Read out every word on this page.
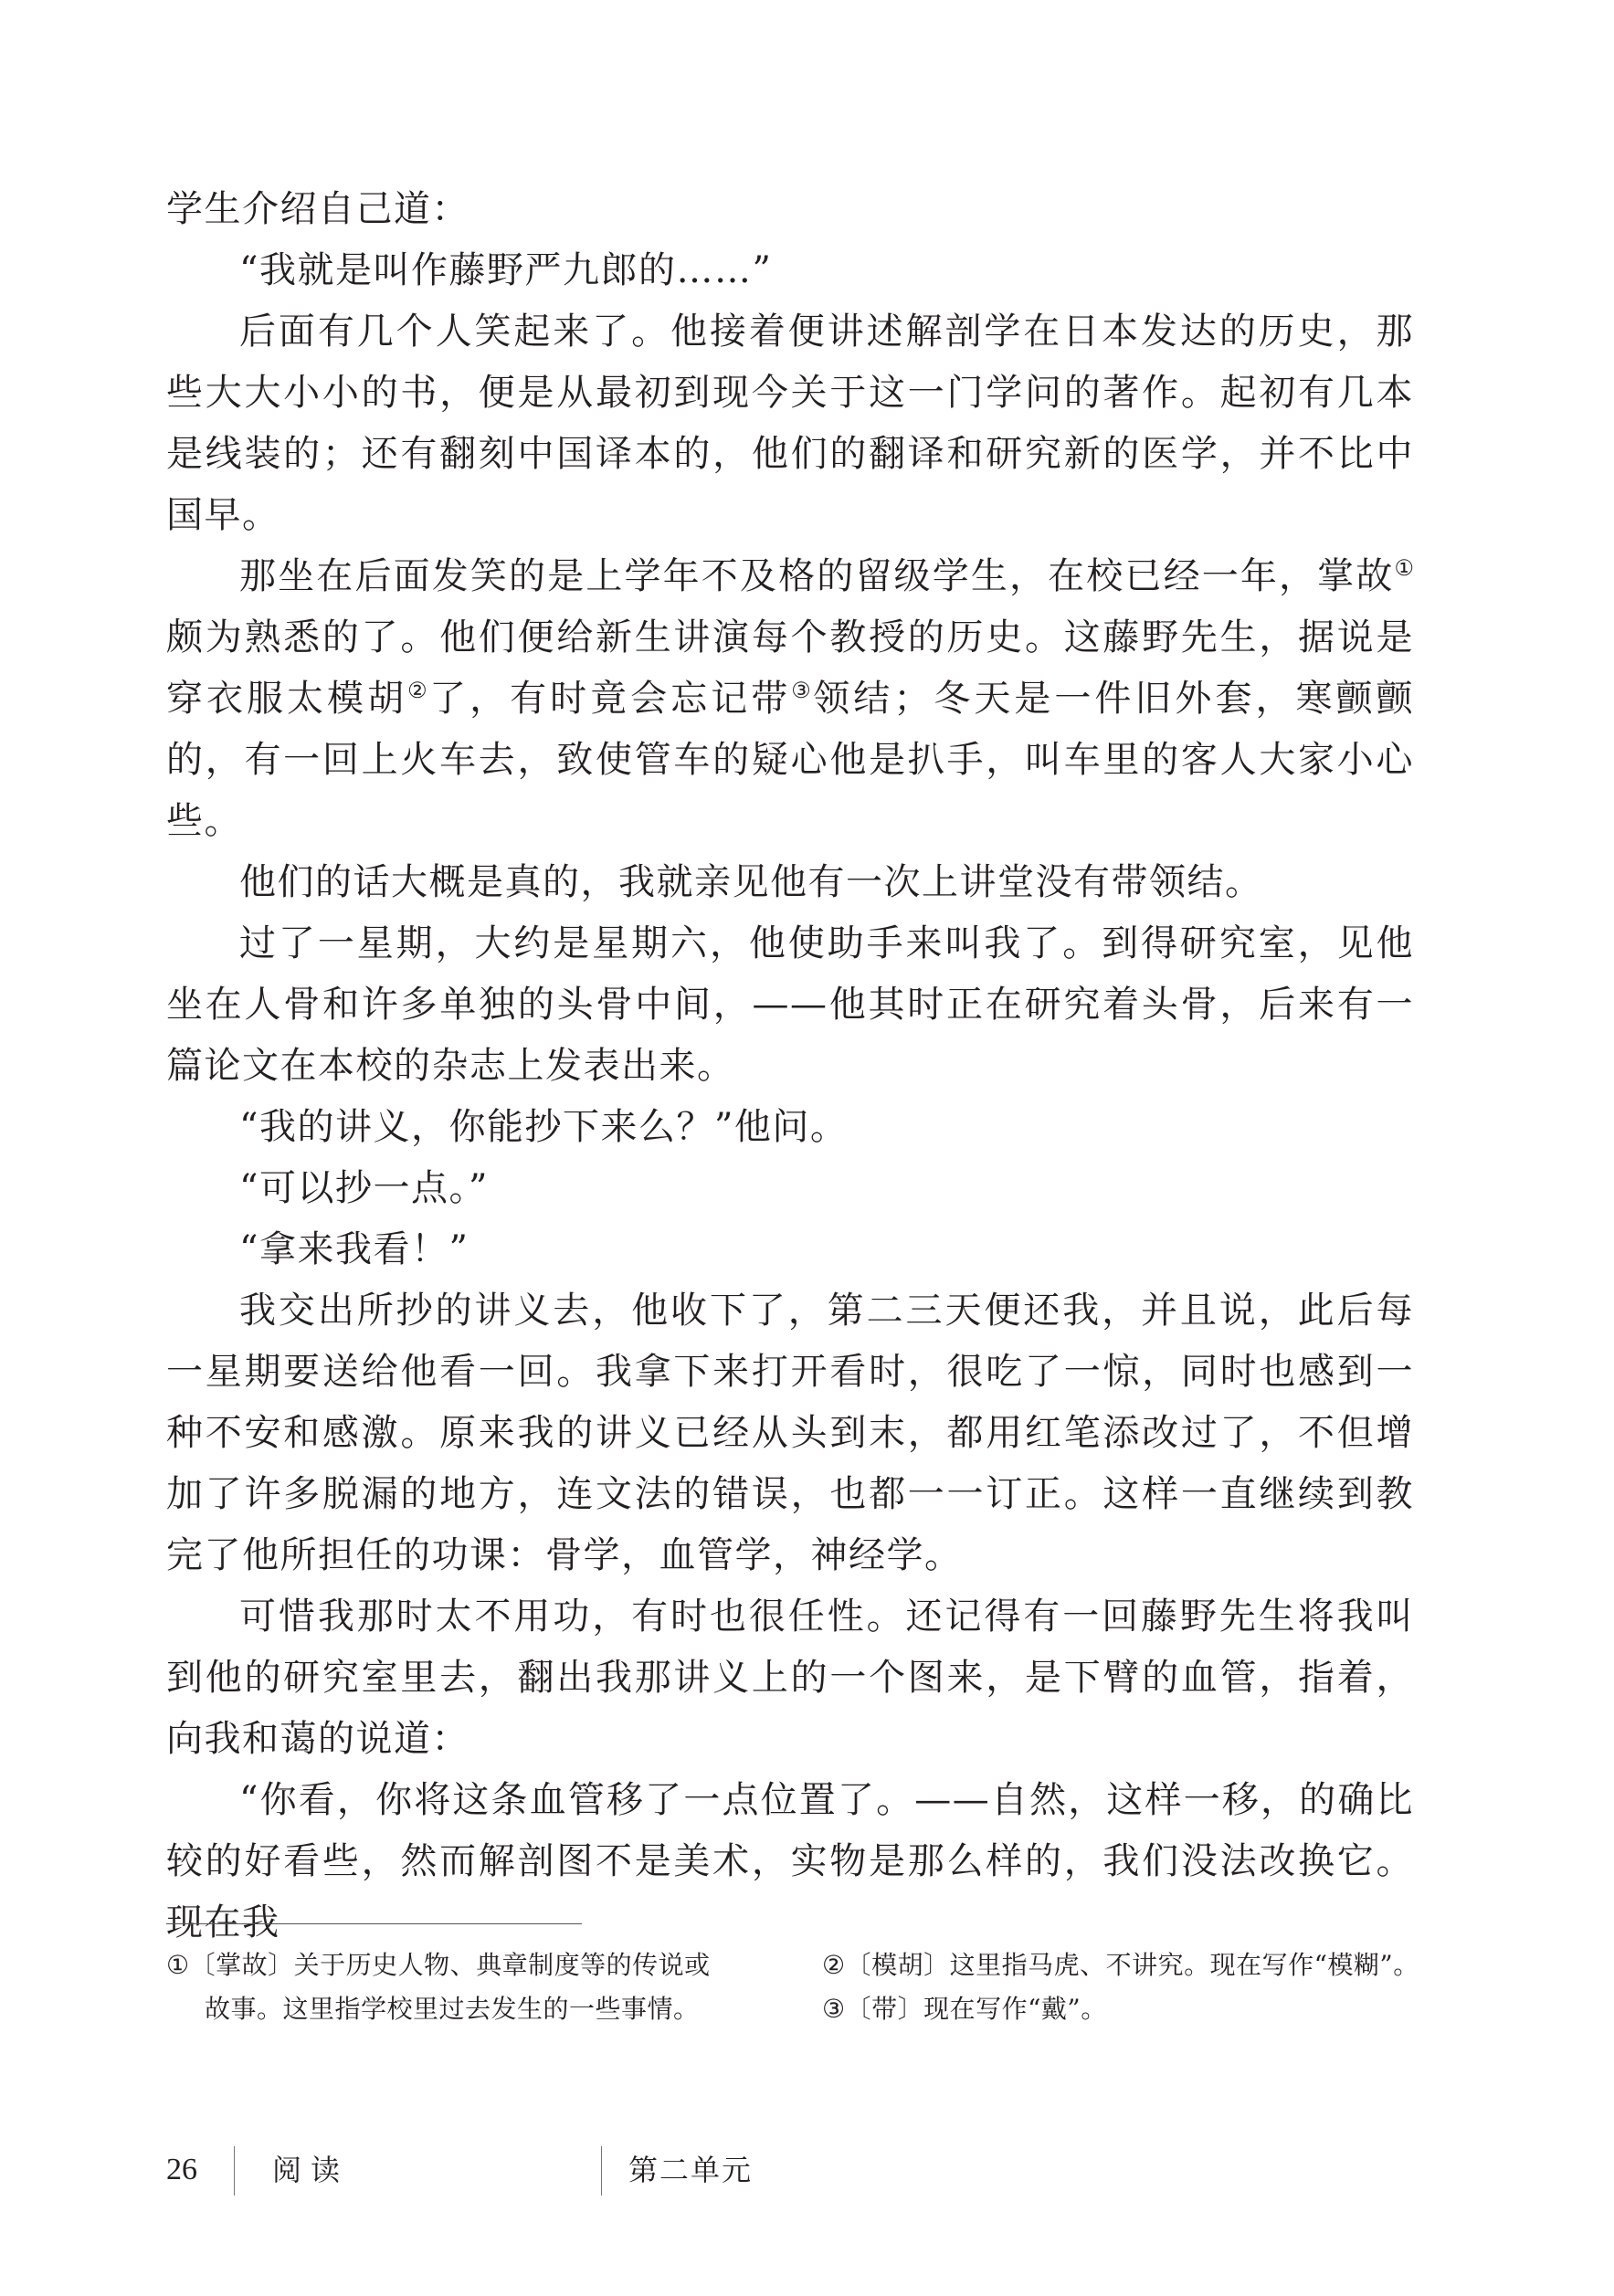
学生介绍自己道：

“我就是叫作藤野严九郎的……”

后面有几个人笑起来了。他接着便讲述解剖学在日本发达的历史，那些大大小小的书，便是从最初到现今关于这一门学问的著作。起初有几本是线装的；还有翻刻中国译本的，他们的翻译和研究新的医学，并不比中国早。

那坐在后面发笑的是上学年不及格的留级学生，在校已经一年，掌故①颇为熟悉的了。他们便给新生讲演每个教授的历史。这藤野先生，据说是穿衣服太模胡②了，有时竟会忘记带③领结；冬天是一件旧外套，寒颤颤的，有一回上火车去，致使管车的疑心他是扒手，叫车里的客人大家小心些。

他们的话大概是真的，我就亲见他有一次上讲堂没有带领结。

过了一星期，大约是星期六，他使助手来叫我了。到得研究室，见他坐在人骨和许多单独的头骨中间，——他其时正在研究着头骨，后来有一篇论文在本校的杂志上发表出来。

“我的讲义，你能抄下来么？”他问。

“可以抄一点。”

“拿来我看！”

我交出所抄的讲义去，他收下了，第二三天便还我，并且说，此后每一星期要送给他看一回。我拿下来打开看时，很吃了一惊，同时也感到一种不安和感激。原来我的讲义已经从头到末，都用红笔添改过了，不但增加了许多脱漏的地方，连文法的错误，也都一一订正。这样一直继续到教完了他所担任的功课：骨学，血管学，神经学。

可惜我那时太不用功，有时也很任性。还记得有一回藤野先生将我叫到他的研究室里去，翻出我那讲义上的一个图来，是下臂的血管，指着，向我和蔼的说道：

“你看，你将这条血管移了一点位置了。——自然，这样一移，的确比较的好看些，然而解剖图不是美术，实物是那么样的，我们没法改换它。现在我

①〔掌故〕关于历史人物、典章制度等的传说或
故事。这里指学校里过去发生的一些事情。
②〔模胡〕这里指马虎、不讲究。现在写作“模糊”。
③〔带〕现在写作“戴”。
26	阅读	第二单元
